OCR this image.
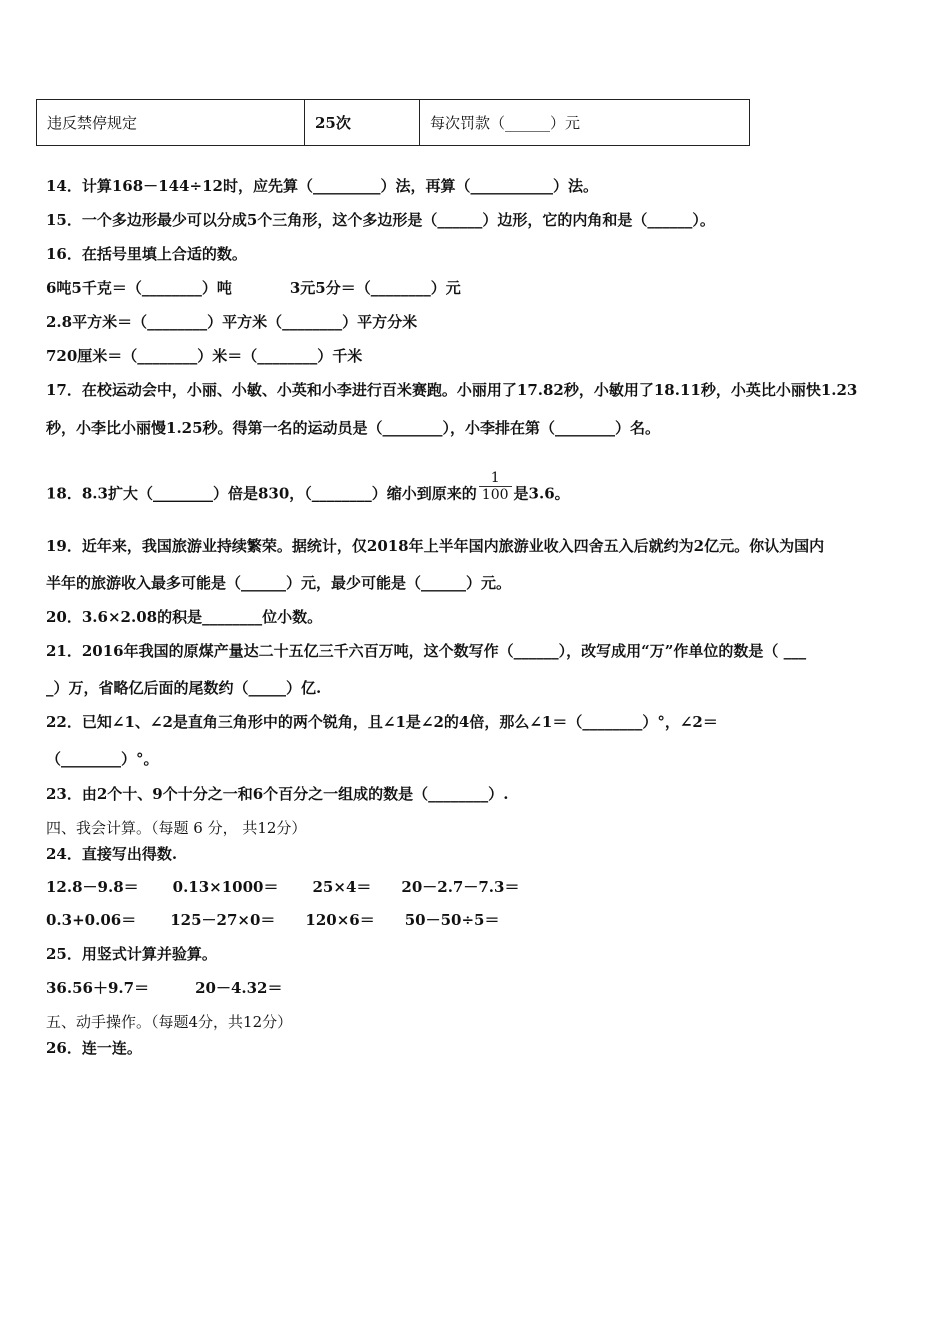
违反禁停规定	25次	每次罚款（______）元
14．计算168－144÷12时，应先算（_________）法，再算（___________）法。
15．一个多边形最少可以分成5个三角形，这个多边形是（______）边形，它的内角和是（______）。
16．在括号里填上合适的数。
6吨5千克＝（________）吨	3元5分＝（________）元
2.8平方米＝（________）平方米（________）平方分米
720厘米＝（________）米＝（________）千米
17．在校运动会中，小丽、小敏、小英和小李进行百米赛跑。小丽用了17.82秒，小敏用了18.11秒，小英比小丽快1.23
秒，小李比小丽慢1.25秒。得第一名的运动员是（________），小李排在第（________）名。
18．8.3扩大（________）倍是830，（________）缩小到原来的 $\frac{1}{100}$ 是3.6。
19．近年来，我国旅游业持续繁荣。据统计，仅2018年上半年国内旅游业收入四舍五入后就约为2亿元。你认为国内
半年的旅游收入最多可能是（______）元，最少可能是（______）元。
20．3.6×2.08的积是________位小数。
21．2016年我国的原煤产量达二十五亿三千六百万吨，这个数写作（______），改写成用“万”作单位的数是（ ___
_）万，省略亿后面的尾数约（_____）亿.
22．已知∠1、∠2是直角三角形中的两个锐角，且∠1是∠2的4倍，那么∠1＝（________）°，∠2＝
（________）°。
23．由2个十、9个十分之一和6个百分之一组成的数是（________）.
四、我会计算。（每题 6 分， 共12分）
24．直接写出得数.
12.8－9.8＝ 0.13×1000＝ 25×4＝ 20－2.7－7.3＝
0.3+0.06＝ 125－27×0＝ 120×6＝ 50－50÷5＝
25．用竖式计算并验算。
36.56＋9.7＝	20－4.32＝
五、动手操作。（每题4分，共12分）
26．连一连。
